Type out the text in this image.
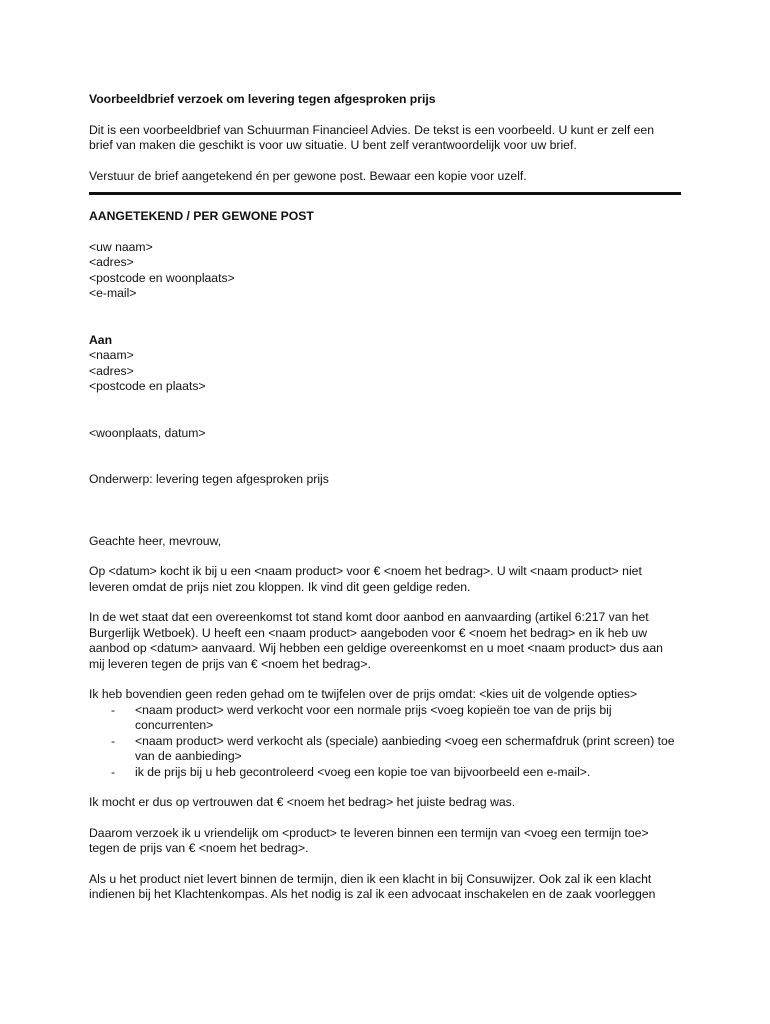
Voorbeeldbrief verzoek om levering tegen afgesproken prijs

Dit is een voorbeeldbrief van Schuurman Financieel Advies. De tekst is een voorbeeld. U kunt er zelf een brief van maken die geschikt is voor uw situatie. U bent zelf verantwoordelijk voor uw brief.

Verstuur de brief aangetekend én per gewone post. Bewaar een kopie voor uzelf.

AANGETEKEND / PER GEWONE POST

<uw naam>
<adres>
<postcode en woonplaats>
<e-mail>
Aan
<naam>
<adres>
<postcode en plaats>

<woonplaats, datum>

Onderwerp: levering tegen afgesproken prijs

Geachte heer, mevrouw,

Op <datum> kocht ik bij u een <naam product> voor € <noem het bedrag>. U wilt <naam product> niet leveren omdat de prijs niet zou kloppen. Ik vind dit geen geldige reden.

In de wet staat dat een overeenkomst tot stand komt door aanbod en aanvaarding (artikel 6:217 van het Burgerlijk Wetboek). U heeft een <naam product> aangeboden voor € <noem het bedrag> en ik heb uw aanbod op <datum> aanvaard. Wij hebben een geldige overeenkomst en u moet <naam product> dus aan mij leveren tegen de prijs van € <noem het bedrag>.

Ik heb bovendien geen reden gehad om te twijfelen over de prijs omdat: <kies uit de volgende opties>

- <naam product> werd verkocht voor een normale prijs <voeg kopieën toe van de prijs bij concurrenten>
- <naam product> werd verkocht als (speciale) aanbieding <voeg een schermafdruk (print screen) toe van de aanbieding>
- ik de prijs bij u heb gecontroleerd <voeg een kopie toe van bijvoorbeeld een e-mail>.

Ik mocht er dus op vertrouwen dat € <noem het bedrag> het juiste bedrag was.

Daarom verzoek ik u vriendelijk om <product> te leveren binnen een termijn van <voeg een termijn toe> tegen de prijs van € <noem het bedrag>.

Als u het product niet levert binnen de termijn, dien ik een klacht in bij Consuwijzer. Ook zal ik een klacht indienen bij het Klachtenkompas. Als het nodig is zal ik een advocaat inschakelen en de zaak voorleggen
